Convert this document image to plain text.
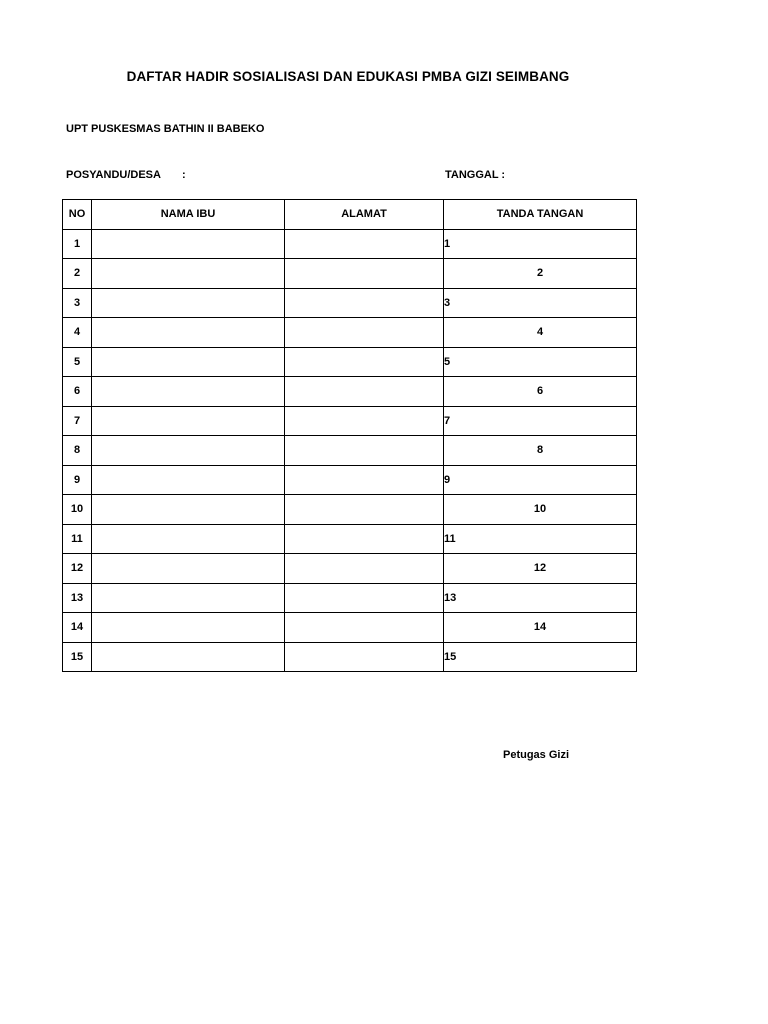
DAFTAR HADIR SOSIALISASI DAN EDUKASI PMBA GIZI SEIMBANG
UPT PUSKESMAS BATHIN II BABEKO
POSYANDU/DESA :	TANGGAL :
NO	NAMA IBU	ALAMAT	TANDA TANGAN
1			1
2			2
3			3
4			4
5			5
6			6
7			7
8			8
9			9
10			10
11			11
12			12
13			13
14			14
15			15
Petugas Gizi
